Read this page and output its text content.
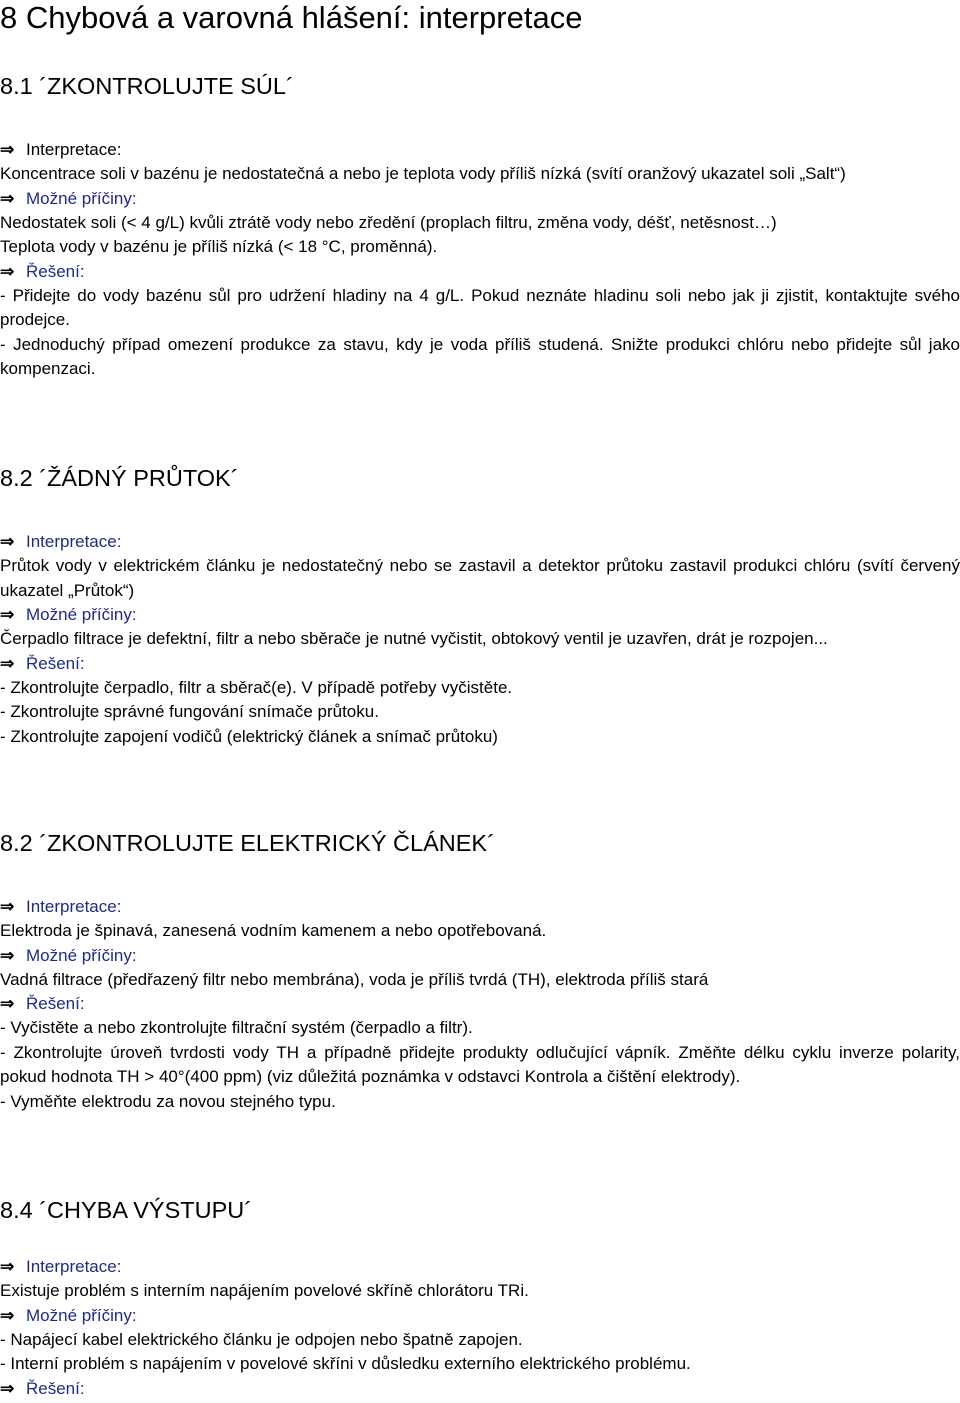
8 Chybová a varovná hlášení: interpretace
8.1 ´ZKONTROLUJTE SÚL´
⇒ Interpretace:

Koncentrace soli v bazénu je nedostatečná a nebo je teplota vody příliš nízká (svítí oranžový ukazatel soli „Salt“)

⇒ Možné příčiny:

Nedostatek soli (< 4 g/L) kvůli ztrátě vody nebo zředění (proplach filtru, změna vody, déšť, netěsnost…)

Teplota vody v bazénu je příliš nízká (< 18 °C, proměnná).

⇒ Řešení:

- Přidejte do vody bazénu sůl pro udržení hladiny na 4 g/L. Pokud neznáte hladinu soli nebo jak ji zjistit, kontaktujte svého prodejce.

- Jednoduchý případ omezení produkce za stavu, kdy je voda příliš studená. Snižte produkci chlóru nebo přidejte sůl jako kompenzaci.

8.2 ´ŽÁDNÝ PRŮTOK´
⇒ Interpretace:

Průtok vody v elektrickém článku je nedostatečný nebo se zastavil a detektor průtoku zastavil produkci chlóru (svítí červený ukazatel „Průtok“)

⇒ Možné příčiny:

Čerpadlo filtrace je defektní, filtr a nebo sběrače je nutné vyčistit, obtokový ventil je uzavřen, drát je rozpojen...

⇒ Řešení:

- Zkontrolujte čerpadlo, filtr a sběrač(e). V případě potřeby vyčistěte.

- Zkontrolujte správné fungování snímače průtoku.

- Zkontrolujte zapojení vodičů (elektrický článek a snímač průtoku)

8.2 ´ZKONTROLUJTE ELEKTRICKÝ ČLÁNEK´
⇒ Interpretace:

Elektroda je špinavá, zanesená vodním kamenem a nebo opotřebovaná.

⇒ Možné příčiny:

Vadná filtrace (předřazený filtr nebo membrána), voda je příliš tvrdá (TH), elektroda příliš stará

⇒ Řešení:

- Vyčistěte a nebo zkontrolujte filtrační systém (čerpadlo a filtr).

- Zkontrolujte úroveň tvrdosti vody TH a případně přidejte produkty odlučující vápník. Změňte délku cyklu inverze polarity, pokud hodnota TH > 40°(400 ppm) (viz důležitá poznámka v odstavci Kontrola a čištění elektrody).

- Vyměňte elektrodu za novou stejného typu.

8.4 ´CHYBA VÝSTUPU´
⇒ Interpretace:

Existuje problém s interním napájením povelové skříně chlorátoru TRi.

⇒ Možné příčiny:

- Napájecí kabel elektrického článku je odpojen nebo špatně zapojen.

- Interní problém s napájením v povelové skříni v důsledku externího elektrického problému.

⇒ Řešení:
